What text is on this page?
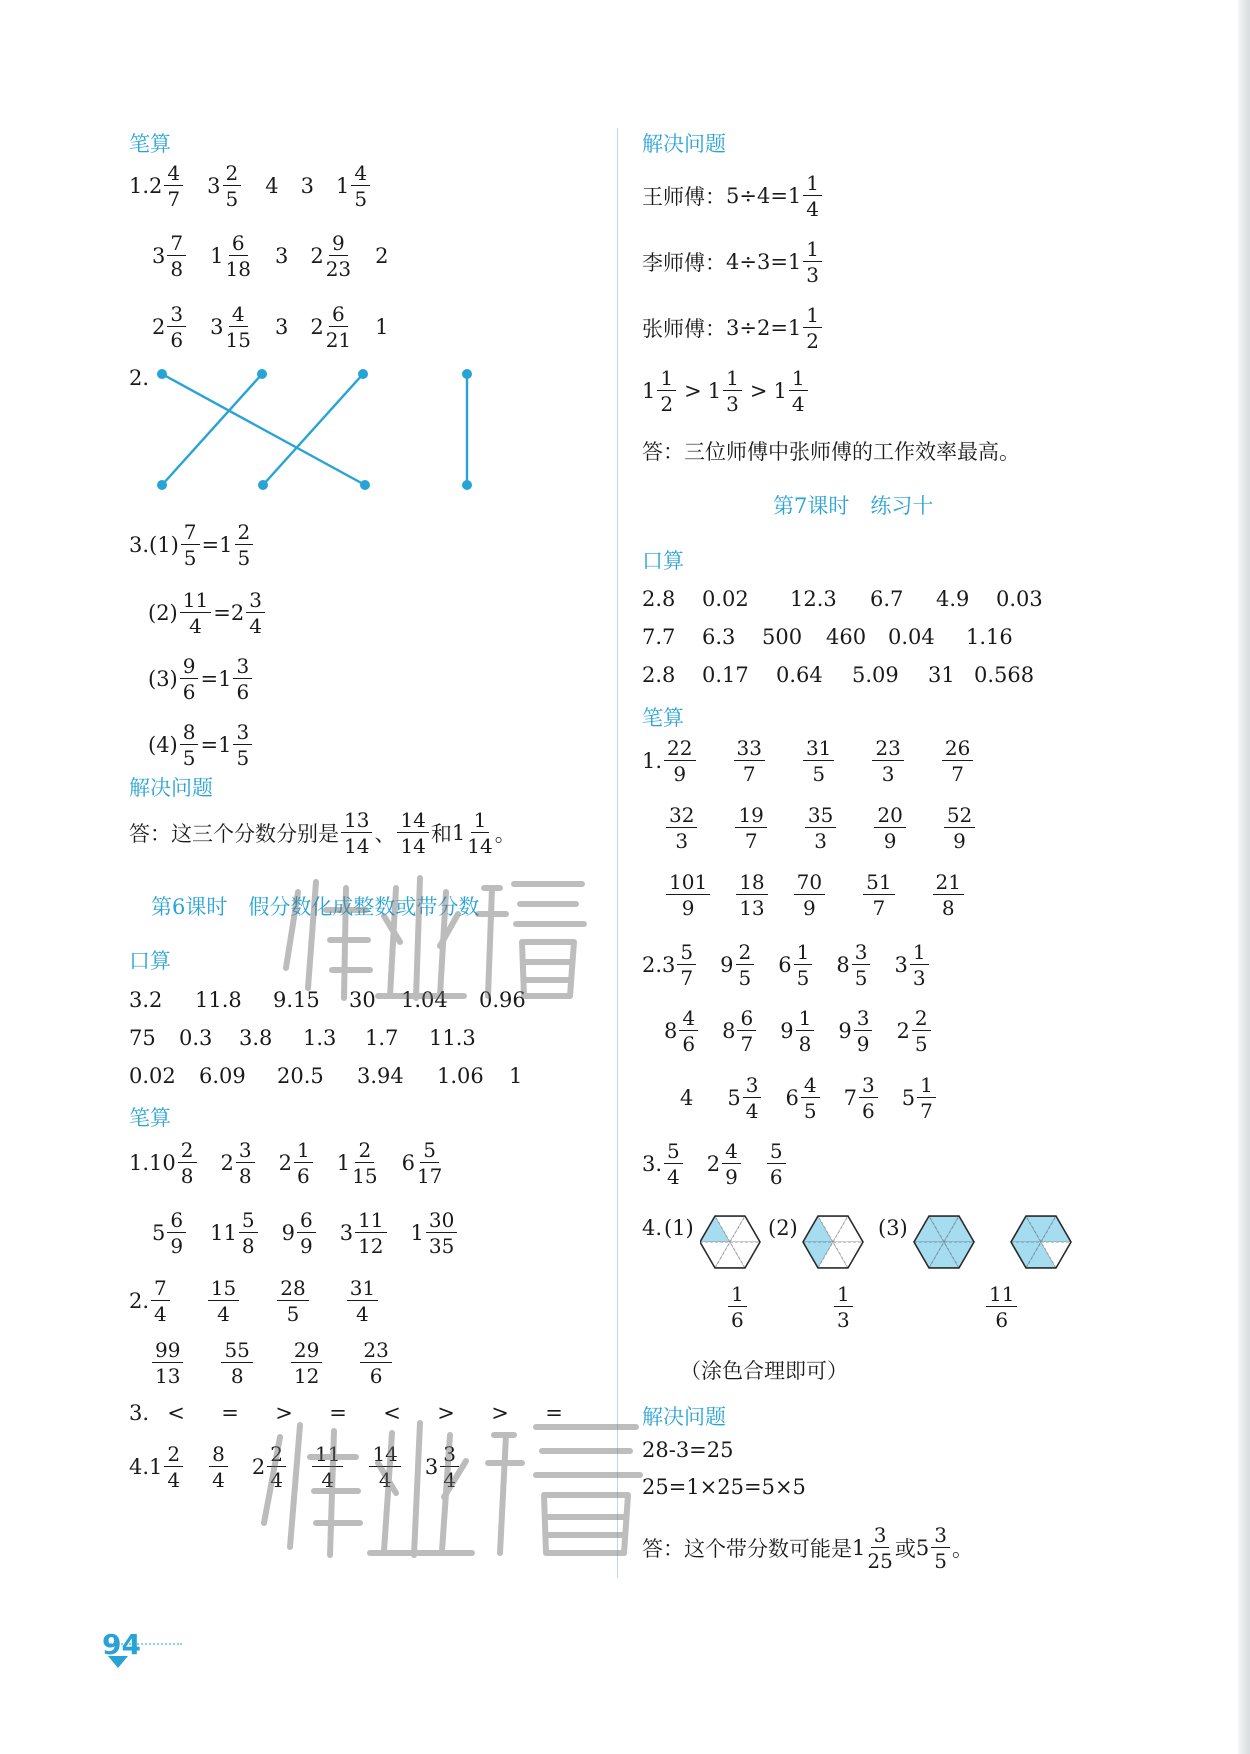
笔算
1. $2 \frac{4}{7} 3 \frac{2}{5} 4$ 3 $1 \frac{4}{5}$
$3 \frac{7}{8} 1 \frac{6}{18} 3$ $2 \frac{9}{23} 2$
$2 \frac{3}{6} 3 \frac{4}{15} 3$ $2 \frac{6}{21} 1$
2.
3. $(1) \frac{7}{5} = 1 \frac{2}{5}$
$(2) \frac{11}{4} = 2 \frac{3}{4}$
$(3) \frac{9}{6} = 1 \frac{3}{6}$
$(4) \frac{8}{5} = 1 \frac{3}{5}$
解决问题
答：这三个分数分别是 $\frac{13}{14}$ 、 $\frac{14}{14}$ 和 $1 \frac{1}{14}$ 。
第6课时　假分数化成整数或带分数
口算
3.2 11.8 9.15 30 1.04 0.96
75 0.3 3.8 1.3 1.7 11.3
0.02 6.09 20.5 3.94 1.06 1
笔算
1. $10 \frac{2}{8} 2 \frac{3}{8} 2 \frac{1}{6} 1 \frac{2}{15} 6 \frac{5}{17}$
$5 \frac{6}{9} 11 \frac{5}{8} 9 \frac{6}{9} 3 \frac{11}{12} 1 \frac{30}{35}$
2. $\frac{7}{4} \frac{15}{4} \frac{28}{5} \frac{31}{4}$
$\frac{99}{13} \frac{55}{8} \frac{29}{12} \frac{23}{6}$
3. <	=	>	=	<	>	>	=
4. $1 \frac{2}{4} \frac{8}{4} 2 \frac{2}{4} \frac{11}{4} \frac{14}{4} 3 \frac{3}{4}$
解决问题
王师傅： $5\div 4=1 \frac{1}{4}$
李师傅： $4\div 3=1 \frac{1}{3}$
张师傅： $3\div 2=1 \frac{1}{2}$
$1 \frac{1}{2} > 1 \frac{1}{3} > 1 \frac{1}{4}$
答：三位师傅中张师傅的工作效率最高。
第7课时　练习十
口算
2.8 0.02 12.3 6.7 4.9 0.03
7.7 6.3 500 460 0.04 1.16
2.8 0.17 0.64 5.09 31 0.568
笔算
1. $\frac{22}{9} \frac{33}{7} \frac{31}{5} \frac{23}{3} \frac{26}{7}$
$\frac{32}{3} \frac{19}{7} \frac{35}{3} \frac{20}{9} \frac{52}{9}$
$\frac{101}{9} \frac{18}{13} \frac{70}{9} \frac{51}{7} \frac{21}{8}$
2. $3 \frac{5}{7} 9 \frac{2}{5} 6 \frac{1}{5} 8 \frac{3}{5} 3 \frac{1}{3}$
$8 \frac{4}{6} 8 \frac{6}{7} 9 \frac{1}{8} 9 \frac{3}{9} 2 \frac{2}{5}$
4 $5 \frac{3}{4} 6 \frac{4}{5} 7 \frac{3}{6} 5 \frac{1}{7}$
3. $\frac{5}{4} 2 \frac{4}{9} \frac{5}{6}$
4. (1)	(2)	(3)
$\frac{1}{6}$	$\frac{1}{3}$	$\frac{11}{6}$
（涂色合理即可）
解决问题
28-3=25
25=1×25=5×5
答：这个带分数可能是 $1 \frac{3}{25}$ 或 $5 \frac{3}{5}$ 。
94
